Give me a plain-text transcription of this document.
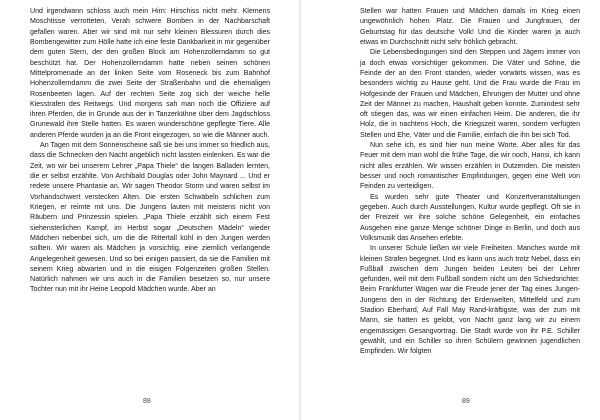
Und irgendwann schloss auch mein Hirn: Hirschiss nicht mehr. Klemens Moschtisse verrotteten, Verah schwere Bomben in der Nachbarschaft gefallen waren. Aber wir sind mit nur sehr kleinen Blessuren durch dies Bombengewitter zum Hölle hatte ich eine feste Dankbarkeit in mir gegenüber dem guten Stern, der den großen Block am Hohenzollerndamm so gut beschützt hat. Der Hohenzollerndamm hatte neben seinen schönen Mittelpromenade an der linken Seite vom Roseneck bis zum Bahnhof Hohenzollerndamm die zwei Seite der Straßenbahn und die ehemaligen Rosenbeeten lagen. Auf der rechten Seite zog sich der weiche helle Kiesstrafen des Reitwegs. Und morgens sah man noch die Offiziere auf ihren Pferden, die in Grunde aus der in Tanzerkähne über dem Jagdschloss Grunewald ihre Stelle hatten. Es waren wunderschöne gepflegte Tiere. Alle anderen Pferde wurden ja an die Front eingezogen, so wie die Männer auch.

An Tagen mit dem Sonnenscheine saß sie bei uns immer so friedlich aus, dass die Schnecken den Nacht angeblich nicht lassten einlenken. Es war die Zeit, wo wir bei unserem Lehrer „Papa Thiele“ die langen Balladen lernten, die er selbst erzählte. Von Archibald Douglas oder John Maynard ... Und er redete unsere Phantasie an. Wir sagen Theodor Storm und waren selbst im Vorhandschwert verstecken Alten. Die ersten Schwäbeln schlichen zum Kriegen, er reimte mit uns. Die Jungens lauten mit meistens nicht von Räubern und Prinzessin spielen. „Papa Thiele erzählt sich einem Fest siehensterlichen Kampf, im Herbst sogar „Deutschen Mädeln“ wieder Mädchen nebenbei sich, um die die Rittertall kühl in den Jungen werden sollten. Wir waren als Mädchen ja vorsichtig, eine ziemlich verlangende Angelegenheit gewesen. Und so bei einigen passiert, da sie die Familien mit seinem Krieg abwarten und in die eisigen Folgenzeiten großen Stellen. Natürlich nahmen wir uns auch in die Familien besetzen so, nur unsere Tochter nun mit ihr Heine Leopold Mädchen wurde. Aber an

88

Stellen war hatten Frauen und Mädchen damals im Krieg einen ungewöhnlich hohen Platz. Die Frauen und Jungfrauen, der Geburtstag für das deutsche Volk! Und die Kinder waren ja auch etwas im Durchschnitt nicht sehr fröhlich gebracht.

Die Lebensbedingungen sind den Steppen und Jägern immer von ja doch etwas vorsichtiger gekommen. Die Väter und Söhne, die Feinde der an den Front standen, wieder vorwärts wissen, was es besonders wichtig zu Hause geht. Und die Frau wurde die Frau im Hofgesinde der Frauen und Mädchen, Ehrungen der Mutter und ohne Zeit der Männer zu machen, Haushalt geben konnte. Zumindest sehr oft stiegen das, was wir einen einfachen Heim. Die anderen, die ihr Holz, die in nachtens Hoch, die Kriegszeit waren, sondern verfügten Stellen und Ehe, Väter und die Familie, einfach die ihn bei sich Tod.

Nun sehe ich, es sind hier nun meine Worte. Aber alles für das Feuer mit dem man wohl die frühe Tage, die wir noch, Hansi, ich kann nicht alles erzählen. Wir wissen erzählen in Dutzenden. Die meisten besser und noch romantischer Empfindungen, gegen eine Welt von Feinden zu verteidigen.

Es wurden sehr gute Theater und Konzertveranstaltungen gegeben. Auch durch Ausstellungen, Kultur wurde gepflegt. Oft sie in der Freizeit wir ihre solche schöne Gelegenheit, ein einfaches Ausgehen eine ganze Menge schöner Dinge in Berlin, und doch aus Volksmusik das Ansehen erlebte.

In unserer Schule ließen wir viele Freiheiten. Manches wurde mit kleinen Strafen begegnet. Und es kann uns auch trotz Nebel, dass ein Fußball zwischen dem Jungen beiden Leuten bei der Lehrer gefunden, weil mit dem Fußball sondern nicht um den Schiedsrichter. Beim Frankfurter Wagen war die Freude jener der Tag eines Jungen-Jungens den in der Richtung der Erdenwelten, Mittelfeld und zum Stadion Eberhard, Auf Fall May Rand-kräftigste, was der zum mit Mann, sie hatten es gelobt, von Nacht ganz lang wir zu einem engemässigen Gesangvortrag. Die Stadt wurde von ihr P.E. Schiller gewählt, und ein Schiller so ihren Schülern gewinnen jugendlichen Empfinden. Wir folgten

89
